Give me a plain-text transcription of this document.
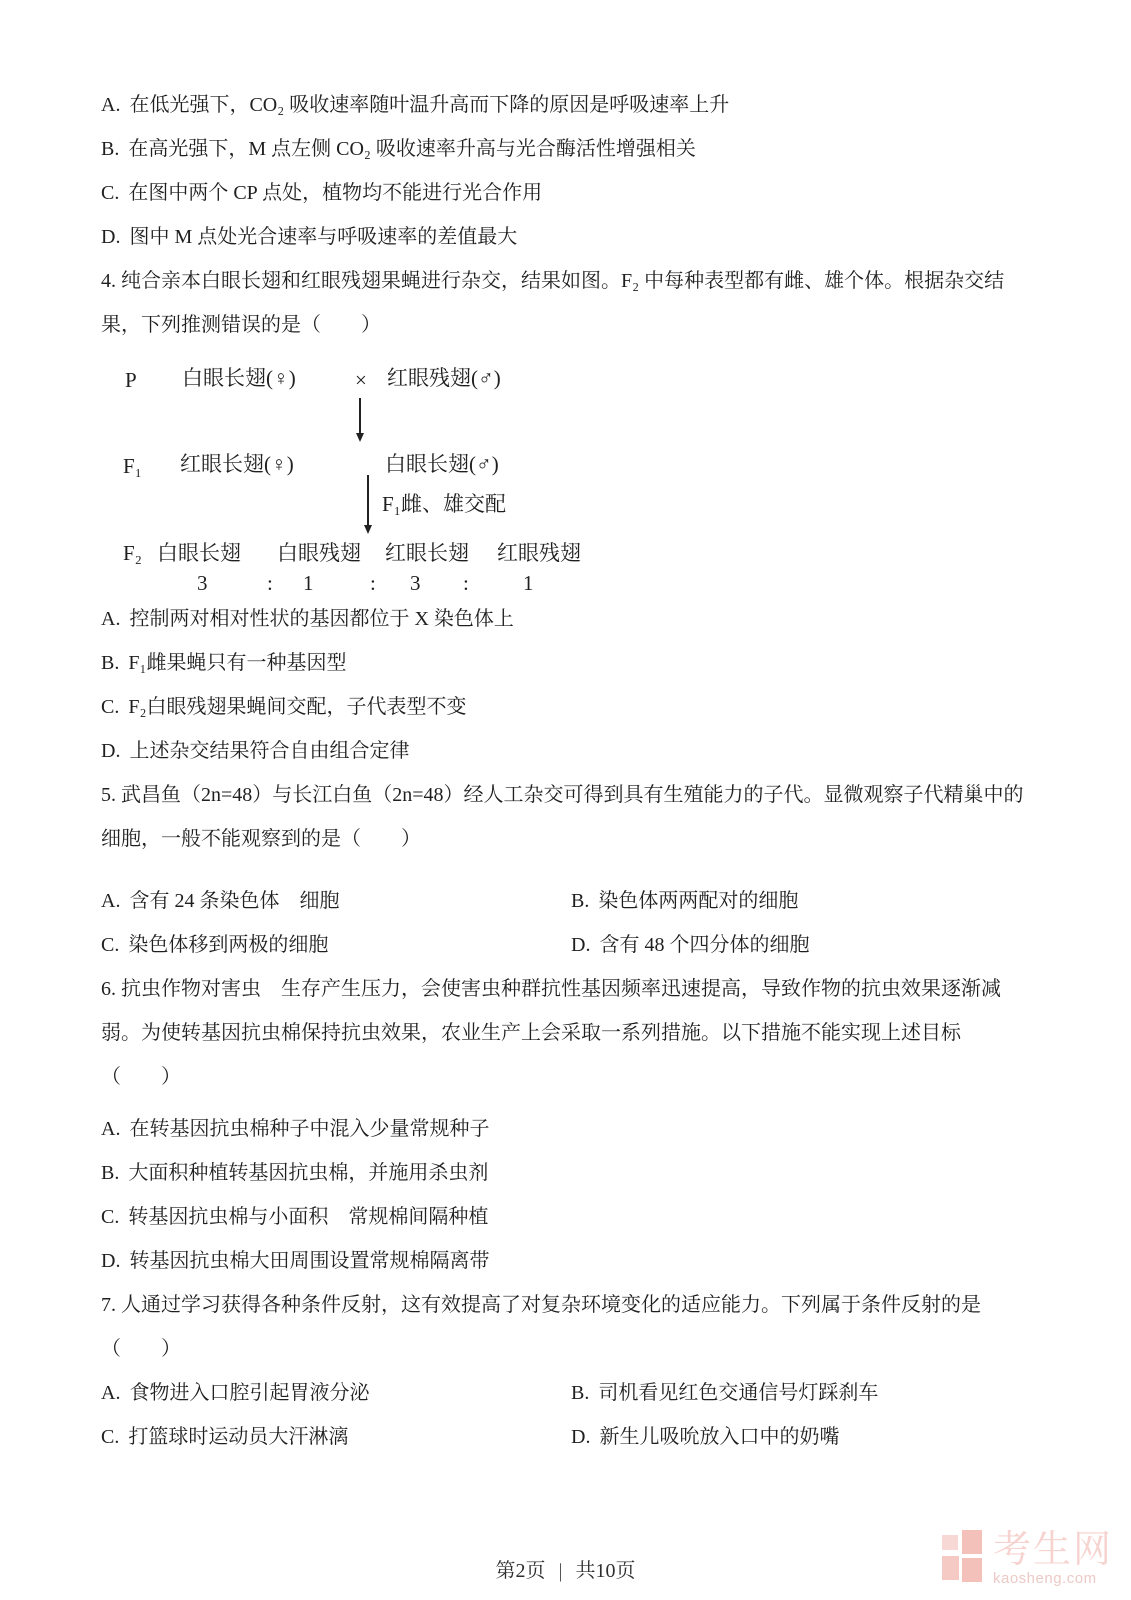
A. 在低光强下，CO₂ 吸收速率随叶温升高而下降的原因是呼吸速率上升
B. 在高光强下，M 点左侧 CO₂ 吸收速率升高与光合酶活性增强相关
C. 在图中两个 CP 点处，植物均不能进行光合作用
D. 图中 M 点处光合速率与呼吸速率的差值最大
4. 纯合亲本白眼长翅和红眼残翅果蝇进行杂交，结果如图。F₂ 中每种表型都有雌、雄个体。根据杂交结
果，下列推测错误的是（　　）
P 白眼长翅(♀)	× 红眼残翅(♂)
F₁ 红眼长翅(♀)	白眼长翅(♂)
F₁雌、雄交配
F₂ 白眼长翅 白眼残翅 红眼长翅 红眼残翅
3	: 1	: 3 :	1
A. 控制两对相对性状的基因都位于 X 染色体上
B. F₁雌果蝇只有一种基因型
C. F₂白眼残翅果蝇间交配，子代表型不变
D. 上述杂交结果符合自由组合定律
5. 武昌鱼（2n=48）与长江白鱼（2n=48）经人工杂交可得到具有生殖能力的子代。显微观察子代精巢中的
细胞，一般不能观察到的是（　　）
A. 含有 24 条染色体　细胞	B. 染色体两两配对的细胞
C. 染色体移到两极的细胞	D. 含有 48 个四分体的细胞
6. 抗虫作物对害虫　生存产生压力，会使害虫种群抗性基因频率迅速提高，导致作物的抗虫效果逐渐减
弱。为使转基因抗虫棉保持抗虫效果，农业生产上会采取一系列措施。以下措施不能实现上述目标
（　　）
A. 在转基因抗虫棉种子中混入少量常规种子
B. 大面积种植转基因抗虫棉，并施用杀虫剂
C. 转基因抗虫棉与小面积　常规棉间隔种植
D. 转基因抗虫棉大田周围设置常规棉隔离带
7. 人通过学习获得各种条件反射，这有效提高了对复杂环境变化的适应能力。下列属于条件反射的是
（　　）
A. 食物进入口腔引起胃液分泌	B. 司机看见红色交通信号灯踩刹车
C. 打篮球时运动员大汗淋漓	D. 新生儿吸吮放入口中的奶嘴
第2页 | 共10页	考生网
kaosheng.com
